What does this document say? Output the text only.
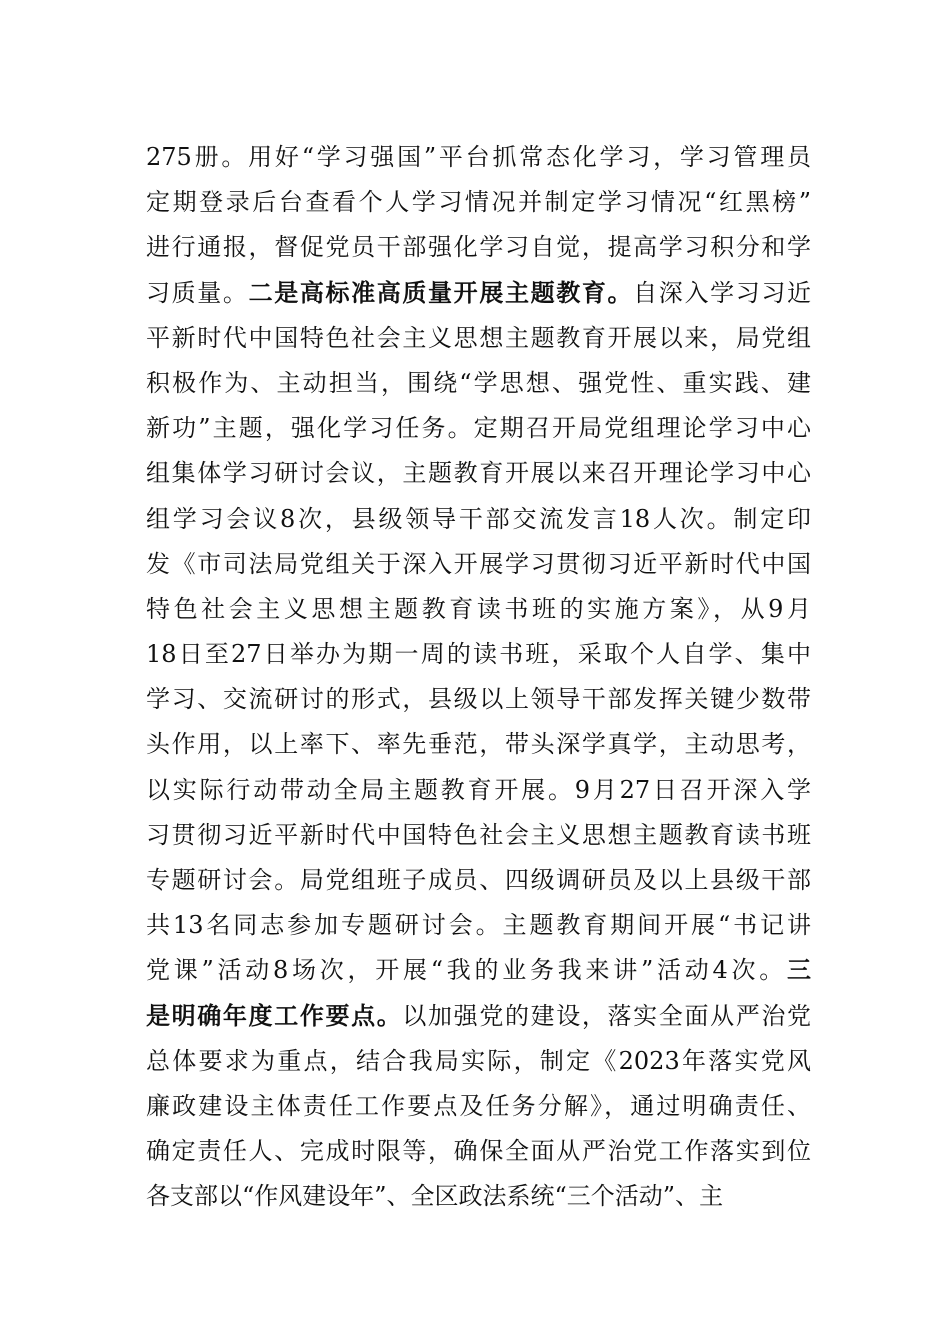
275册。用好“学习强国”平台抓常态化学习，学习管理员
定期登录后台查看个人学习情况并制定学习情况“红黑榜”
进行通报，督促党员干部强化学习自觉，提高学习积分和学
习质量。二是高标准高质量开展主题教育。自深入学习习近
平新时代中国特色社会主义思想主题教育开展以来，局党组
积极作为、主动担当，围绕“学思想、强党性、重实践、建
新功”主题，强化学习任务。定期召开局党组理论学习中心
组集体学习研讨会议，主题教育开展以来召开理论学习中心
组学习会议8次，县级领导干部交流发言18人次。制定印
发《市司法局党组关于深入开展学习贯彻习近平新时代中国
特色社会主义思想主题教育读书班的实施方案》，从9月
18日至27日举办为期一周的读书班，采取个人自学、集中
学习、交流研讨的形式，县级以上领导干部发挥关键少数带
头作用，以上率下、率先垂范，带头深学真学，主动思考，
以实际行动带动全局主题教育开展。9月27日召开深入学
习贯彻习近平新时代中国特色社会主义思想主题教育读书班
专题研讨会。局党组班子成员、四级调研员及以上县级干部
共13名同志参加专题研讨会。主题教育期间开展“书记讲
党课”活动8场次，开展“我的业务我来讲”活动4次。三
是明确年度工作要点。以加强党的建设，落实全面从严治党
总体要求为重点，结合我局实际，制定《2023年落实党风
廉政建设主体责任工作要点及任务分解》，通过明确责任、
确定责任人、完成时限等，确保全面从严治党工作落实到位
各支部以“作风建设年”、全区政法系统“三个活动”、主
